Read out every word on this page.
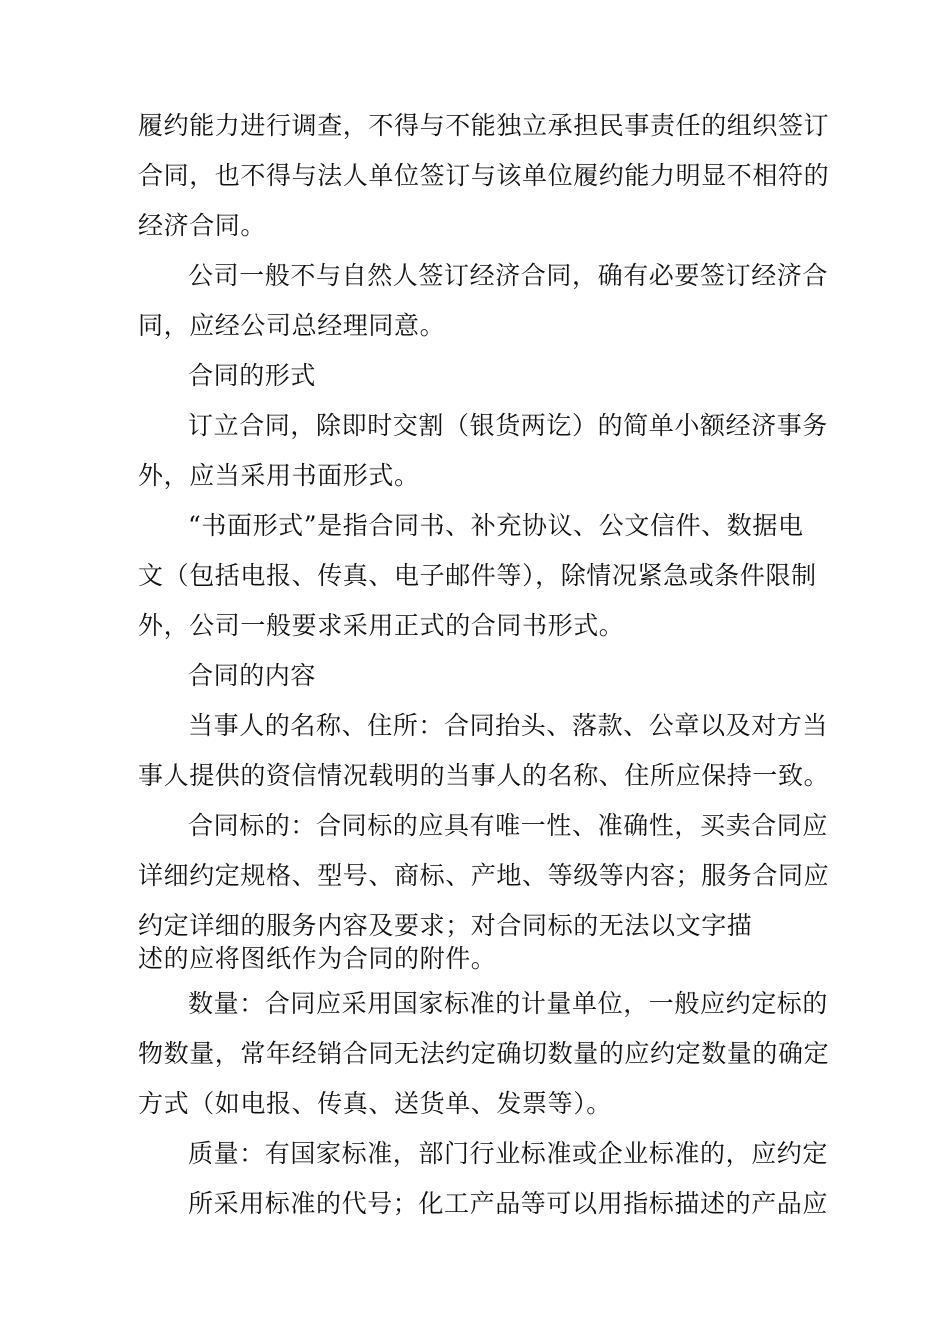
履约能力进行调查，不得与不能独立承担民事责任的组织签订
合同，也不得与法人单位签订与该单位履约能力明显不相符的
经济合同。
公司一般不与自然人签订经济合同，确有必要签订经济合
同，应经公司总经理同意。
合同的形式
订立合同，除即时交割（银货两讫）的简单小额经济事务
外，应当采用书面形式。
“书面形式”是指合同书、补充协议、公文信件、数据电
文（包括电报、传真、电子邮件等），除情况紧急或条件限制
外，公司一般要求采用正式的合同书形式。
合同的内容
当事人的名称、住所：合同抬头、落款、公章以及对方当
事人提供的资信情况载明的当事人的名称、住所应保持一致。
合同标的：合同标的应具有唯一性、准确性，买卖合同应
详细约定规格、型号、商标、产地、等级等内容；服务合同应
约定详细的服务内容及要求；对合同标的无法以文字描
述的应将图纸作为合同的附件。
数量：合同应采用国家标准的计量单位，一般应约定标的
物数量，常年经销合同无法约定确切数量的应约定数量的确定
方式（如电报、传真、送货单、发票等）。
质量：有国家标准，部门行业标准或企业标准的，应约定
所采用标准的代号；化工产品等可以用指标描述的产品应
